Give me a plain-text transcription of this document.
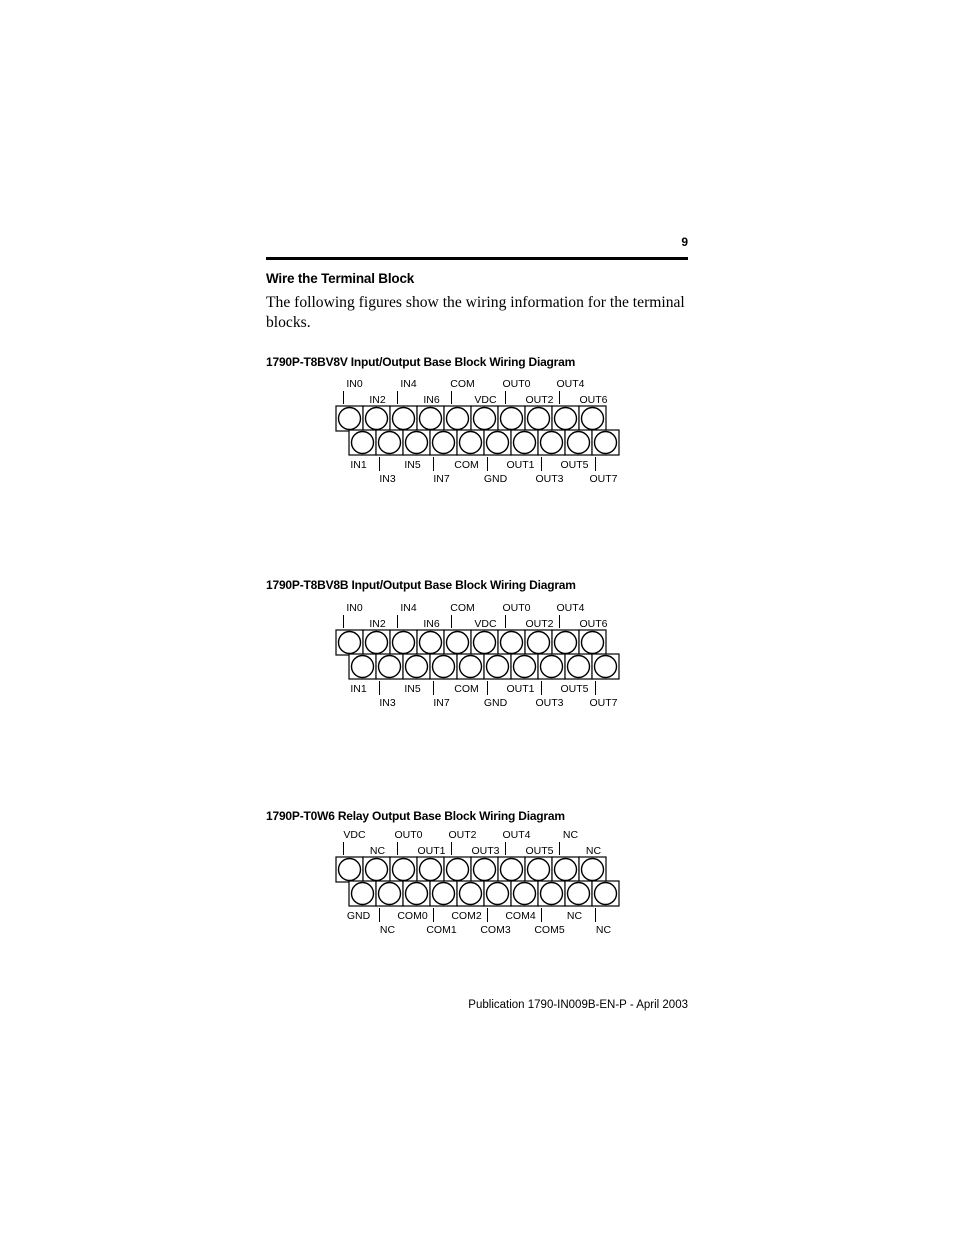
9
Wire the Terminal Block
The following figures show the wiring information for the terminal blocks.
1790P-T8BV8V Input/Output Base Block Wiring Diagram
IN0
IN2
IN1
IN3
IN4
IN6
IN5
IN7
COM
VDC
COM
GND
OUT0
OUT2
OUT1
OUT3
OUT4
OUT6
OUT5
OUT7
1790P-T8BV8B Input/Output Base Block Wiring Diagram
IN0
IN2
IN1
IN3
IN4
IN6
IN5
IN7
COM
VDC
COM
GND
OUT0
OUT2
OUT1
OUT3
OUT4
OUT6
OUT5
OUT7
1790P-T0W6 Relay Output Base Block Wiring Diagram
VDC
NC
GND
NC
OUT0
OUT1
COM0
COM1
OUT2
OUT3
COM2
COM3
OUT4
OUT5
COM4
COM5
NC
NC
NC
NC
Publication 1790-IN009B-EN-P - April 2003
